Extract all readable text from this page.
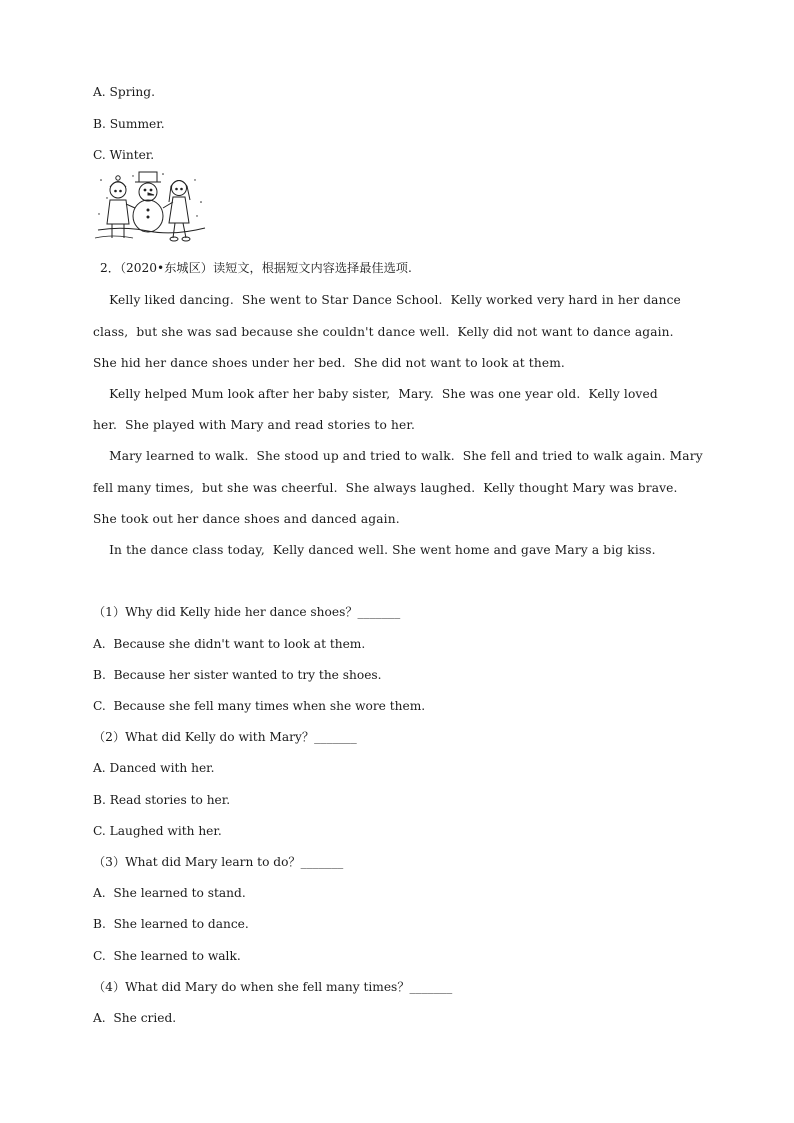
A. Spring.
B. Summer.
C. Winter.
2．（2020•东城区）读短文，根据短文内容选择最佳选项.
Kelly liked dancing.  She went to Star Dance School.  Kelly worked very hard in her dance
class,  but she was sad because she couldn't dance well.  Kelly did not want to dance again.
She hid her dance shoes under her bed.  She did not want to look at them.
Kelly helped Mum look after her baby sister,  Mary.  She was one year old.  Kelly loved
her.  She played with Mary and read stories to her.
Mary learned to walk.  She stood up and tried to walk.  She fell and tried to walk again. Mary
fell many times,  but she was cheerful.  She always laughed.  Kelly thought Mary was brave.
She took out her dance shoes and danced again.
In the dance class today,  Kelly danced well. She went home and gave Mary a big kiss.
（1）Why did Kelly hide her dance shoes？_______
A.  Because she didn't want to look at them.
B.  Because her sister wanted to try the shoes.
C.  Because she fell many times when she wore them.
（2）What did Kelly do with Mary？_______
A. Danced with her.
B. Read stories to her.
C. Laughed with her.
（3）What did Mary learn to do？_______
A.  She learned to stand.
B.  She learned to dance.
C.  She learned to walk.
（4）What did Mary do when she fell many times？_______
A.  She cried.
